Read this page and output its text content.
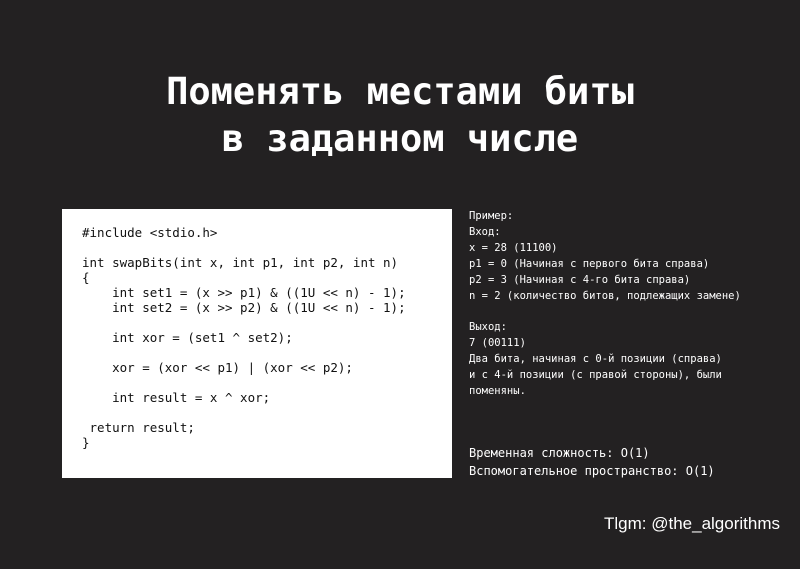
Поменять местами биты
в заданном числе
#include <stdio.h>

int swapBits(int x, int p1, int p2, int n)
{
int set1 = (x >> p1) & ((1U << n) - 1);
int set2 = (x >> p2) & ((1U << n) - 1);

int xor = (set1 ^ set2);

xor = (xor << p1) | (xor << p2);

int result = x ^ xor;

return result;
}
Пример:
Вход:
x = 28 (11100)
p1 = 0 (Начиная с первого бита справа)
p2 = 3 (Начиная с 4-го бита справа)
n = 2 (количество битов, подлежащих замене)
Выход:
7 (00111)
Два бита, начиная с 0-й позиции (справа)
и с 4-й позиции (с правой стороны), были
поменяны.
Временная сложность: O(1)
Вспомогательное пространство: O(1)
Tlgm: @the_algorithms
